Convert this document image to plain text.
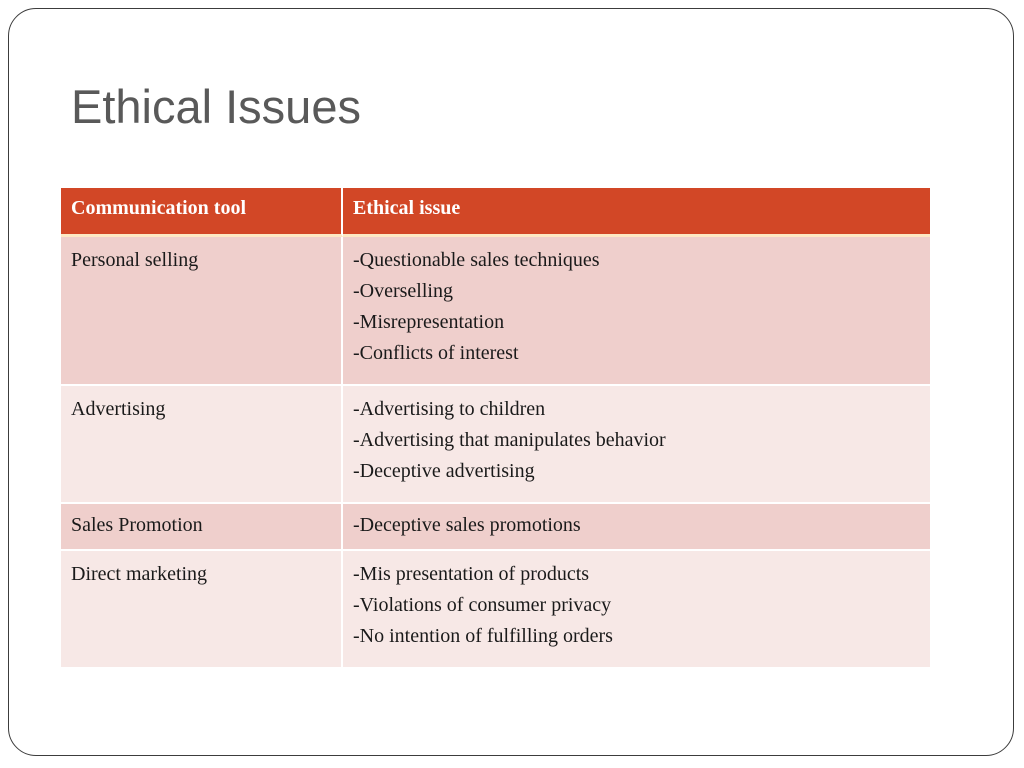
Ethical Issues
Communication tool	Ethical issue
Personal selling	-Questionable sales techniques
-Overselling
-Misrepresentation
-Conflicts of interest

Advertising	-Advertising to children
-Advertising that manipulates behavior
-Deceptive advertising

Sales Promotion	-Deceptive sales promotions

Direct marketing	-Mis presentation of products
-Violations of consumer privacy
-No intention of fulfilling orders
